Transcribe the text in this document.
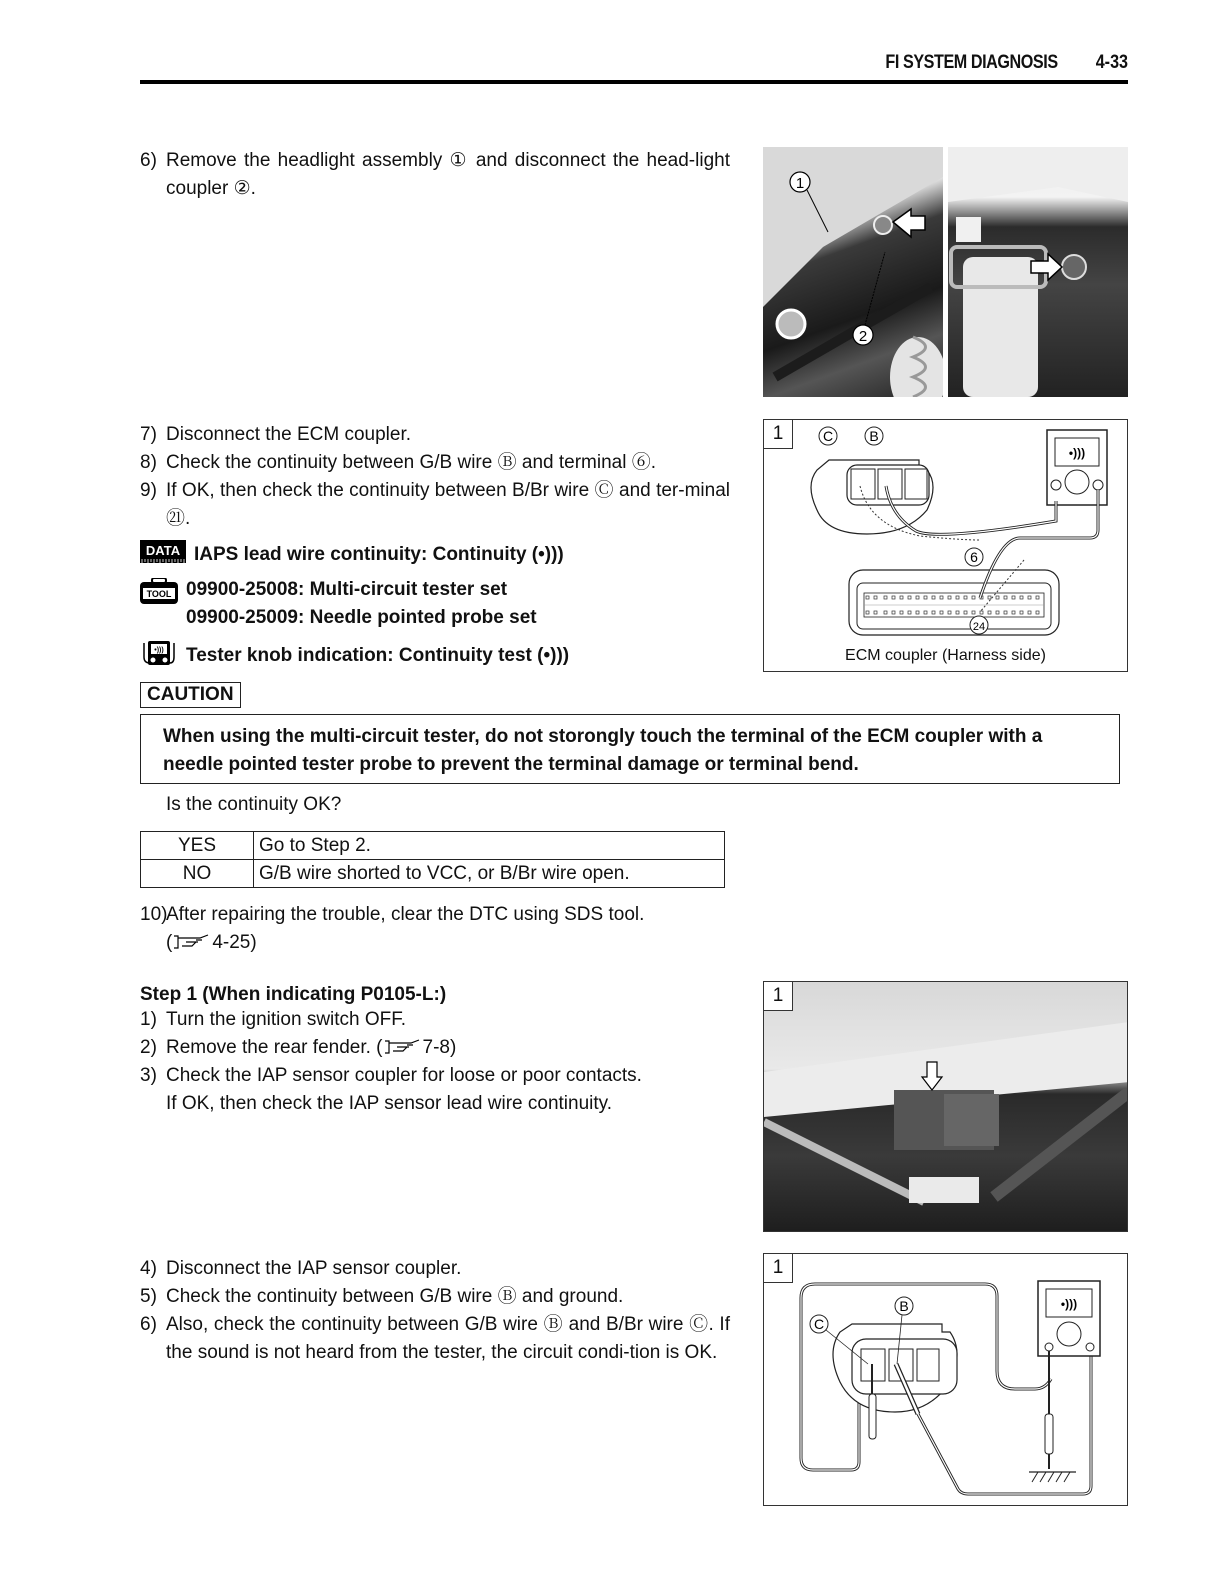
FI SYSTEM DIAGNOSIS 4-33
6) Remove the headlight assembly ① and disconnect the head-light coupler ②.	1
2
7) Disconnect the ECM coupler.
8) Check the continuity between G/B wire Ⓑ and terminal ⑥.
9) If OK, then check the continuity between B/Br wire Ⓒ and ter-minal ㉑.
DATA IAPS lead wire continuity: Continuity (•)))
TOOL 09900-25008: Multi-circuit tester set
09900-25009: Needle pointed probe set
•))) Tester knob indication: Continuity test (•)))
1	C	B
•)))
6
24
ECM coupler (Harness side)
CAUTION
When using the multi-circuit tester, do not storongly touch the terminal of the ECM coupler with a needle pointed tester probe to prevent the terminal damage or terminal bend.
Is the continuity OK?
YES	Go to Step 2.
NO	G/B wire shorted to VCC, or B/Br wire open.
10)
After repairing the trouble, clear the DTC using SDS tool.
( 4-25)
Step 1 (When indicating P0105-L:)
1) Turn the ignition switch OFF.
2) Remove the rear fender. ( 7-8)
3) Check the IAP sensor coupler for loose or poor contacts.
If OK, then check the IAP sensor lead wire continuity.
1
4) Disconnect the IAP sensor coupler.
5) Check the continuity between G/B wire Ⓑ and ground.
6) Also, check the continuity between G/B wire Ⓑ and B/Br wire Ⓒ. If the sound is not heard from the tester, the circuit condi-tion is OK.
1
C
B	•)))
